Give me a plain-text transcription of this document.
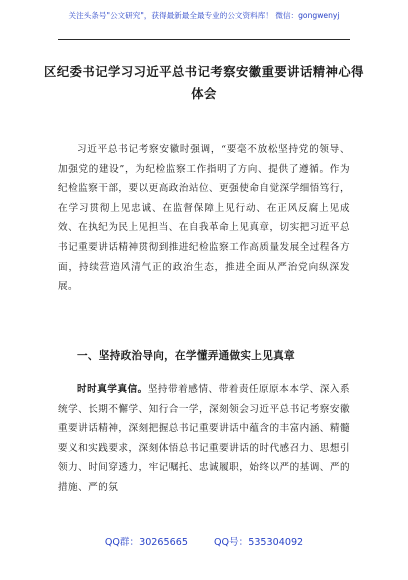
关注头条号"公文研究"，获得最新最全最专业的公文资料库！ 微信：gongwenyj
区纪委书记学习习近平总书记考察安徽重要讲话精神心得体会
习近平总书记考察安徽时强调，“要毫不放松坚持党的领导、加强党的建设”，为纪检监察工作指明了方向、提供了遵循。作为纪检监察干部，要以更高政治站位、更强使命自觉深学细悟笃行，在学习贯彻上见忠诚、在监督保障上见行动、在正风反腐上见成效、在执纪为民上见担当、在自我革命上见真章，切实把习近平总书记重要讲话精神贯彻到推进纪检监察工作高质量发展全过程各方面，持续营造风清气正的政治生态，推进全面从严治党向纵深发展。
一、坚持政治导向，在学懂弄通做实上见真章
时时真学真信。坚持带着感情、带着责任原原本本学、深入系统学、长期不懈学、知行合一学，深刻领会习近平总书记考察安徽重要讲话精神，深刻把握总书记重要讲话中蕴含的丰富内涵、精髓要义和实践要求，深刻体悟总书记重要讲话的时代感召力、思想引领力、时间穿透力，牢记嘱托、忠诚履职，始终以严的基调、严的措施、严的氛
QQ群：30265665	QQ号：535304092
